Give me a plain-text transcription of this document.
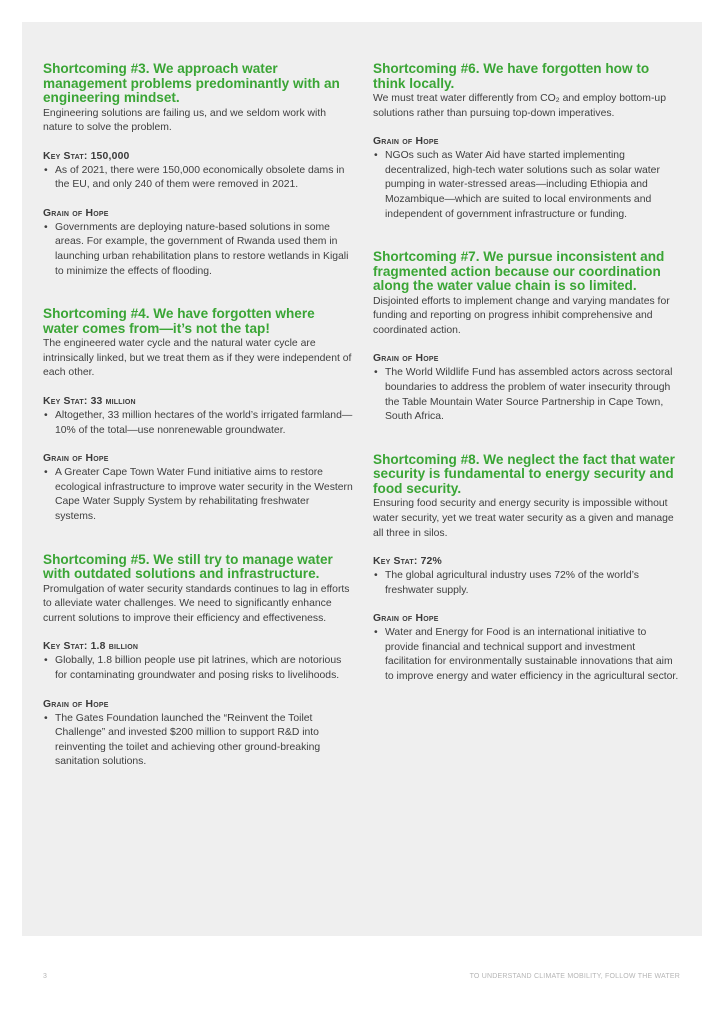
Shortcoming #3. We approach water management problems predominantly with an engineering mindset.

Engineering solutions are failing us, and we seldom work with nature to solve the problem.

Key Stat: 150,000
• As of 2021, there were 150,000 economically obsolete dams in the EU, and only 240 of them were removed in 2021.
Grain of Hope
• Governments are deploying nature-based solutions in some areas. For example, the government of Rwanda used them in launching urban rehabilitation plans to restore wetlands in Kigali to minimize the effects of flooding.
Shortcoming #4. We have forgotten where water comes from—it’s not the tap!

The engineered water cycle and the natural water cycle are intrinsically linked, but we treat them as if they were independent of each other.

Key Stat: 33 million
• Altogether, 33 million hectares of the world’s irrigated farmland—10% of the total—use nonrenewable groundwater.
Grain of Hope
• A Greater Cape Town Water Fund initiative aims to restore ecological infrastructure to improve water security in the Western Cape Water Supply System by rehabilitating freshwater systems.
Shortcoming #5. We still try to manage water with outdated solutions and infrastructure.

Promulgation of water security standards continues to lag in efforts to alleviate water challenges. We need to significantly enhance current solutions to improve their efficiency and effectiveness.

Key Stat: 1.8 billion
• Globally, 1.8 billion people use pit latrines, which are notorious for contaminating groundwater and posing risks to livelihoods.
Grain of Hope
• The Gates Foundation launched the “Reinvent the Toilet Challenge” and invested $200 million to support R&D into reinventing the toilet and achieving other ground-breaking sanitation solutions.
Shortcoming #6. We have forgotten how to think locally.

We must treat water differently from CO₂ and employ bottom-up solutions rather than pursuing top-down imperatives.

Grain of Hope
• NGOs such as Water Aid have started implementing decentralized, high-tech water solutions such as solar water pumping in water-stressed areas—including Ethiopia and Mozambique—which are suited to local environments and independent of government infrastructure or funding.
Shortcoming #7. We pursue inconsistent and fragmented action because our coordination along the water value chain is so limited.

Disjointed efforts to implement change and varying mandates for funding and reporting on progress inhibit comprehensive and coordinated action.

Grain of Hope
• The World Wildlife Fund has assembled actors across sectoral boundaries to address the problem of water insecurity through the Table Mountain Water Source Partnership in Cape Town, South Africa.
Shortcoming #8. We neglect the fact that water security is fundamental to energy security and food security.

Ensuring food security and energy security is impossible without water security, yet we treat water security as a given and manage all three in silos.

Key Stat: 72%
• The global agricultural industry uses 72% of the world’s freshwater supply.
Grain of Hope
• Water and Energy for Food is an international initiative to provide financial and technical support and investment facilitation for environmentally sustainable innovations that aim to improve energy and water efficiency in the agricultural sector.
3	TO UNDERSTAND CLIMATE MOBILITY, FOLLOW THE WATER
